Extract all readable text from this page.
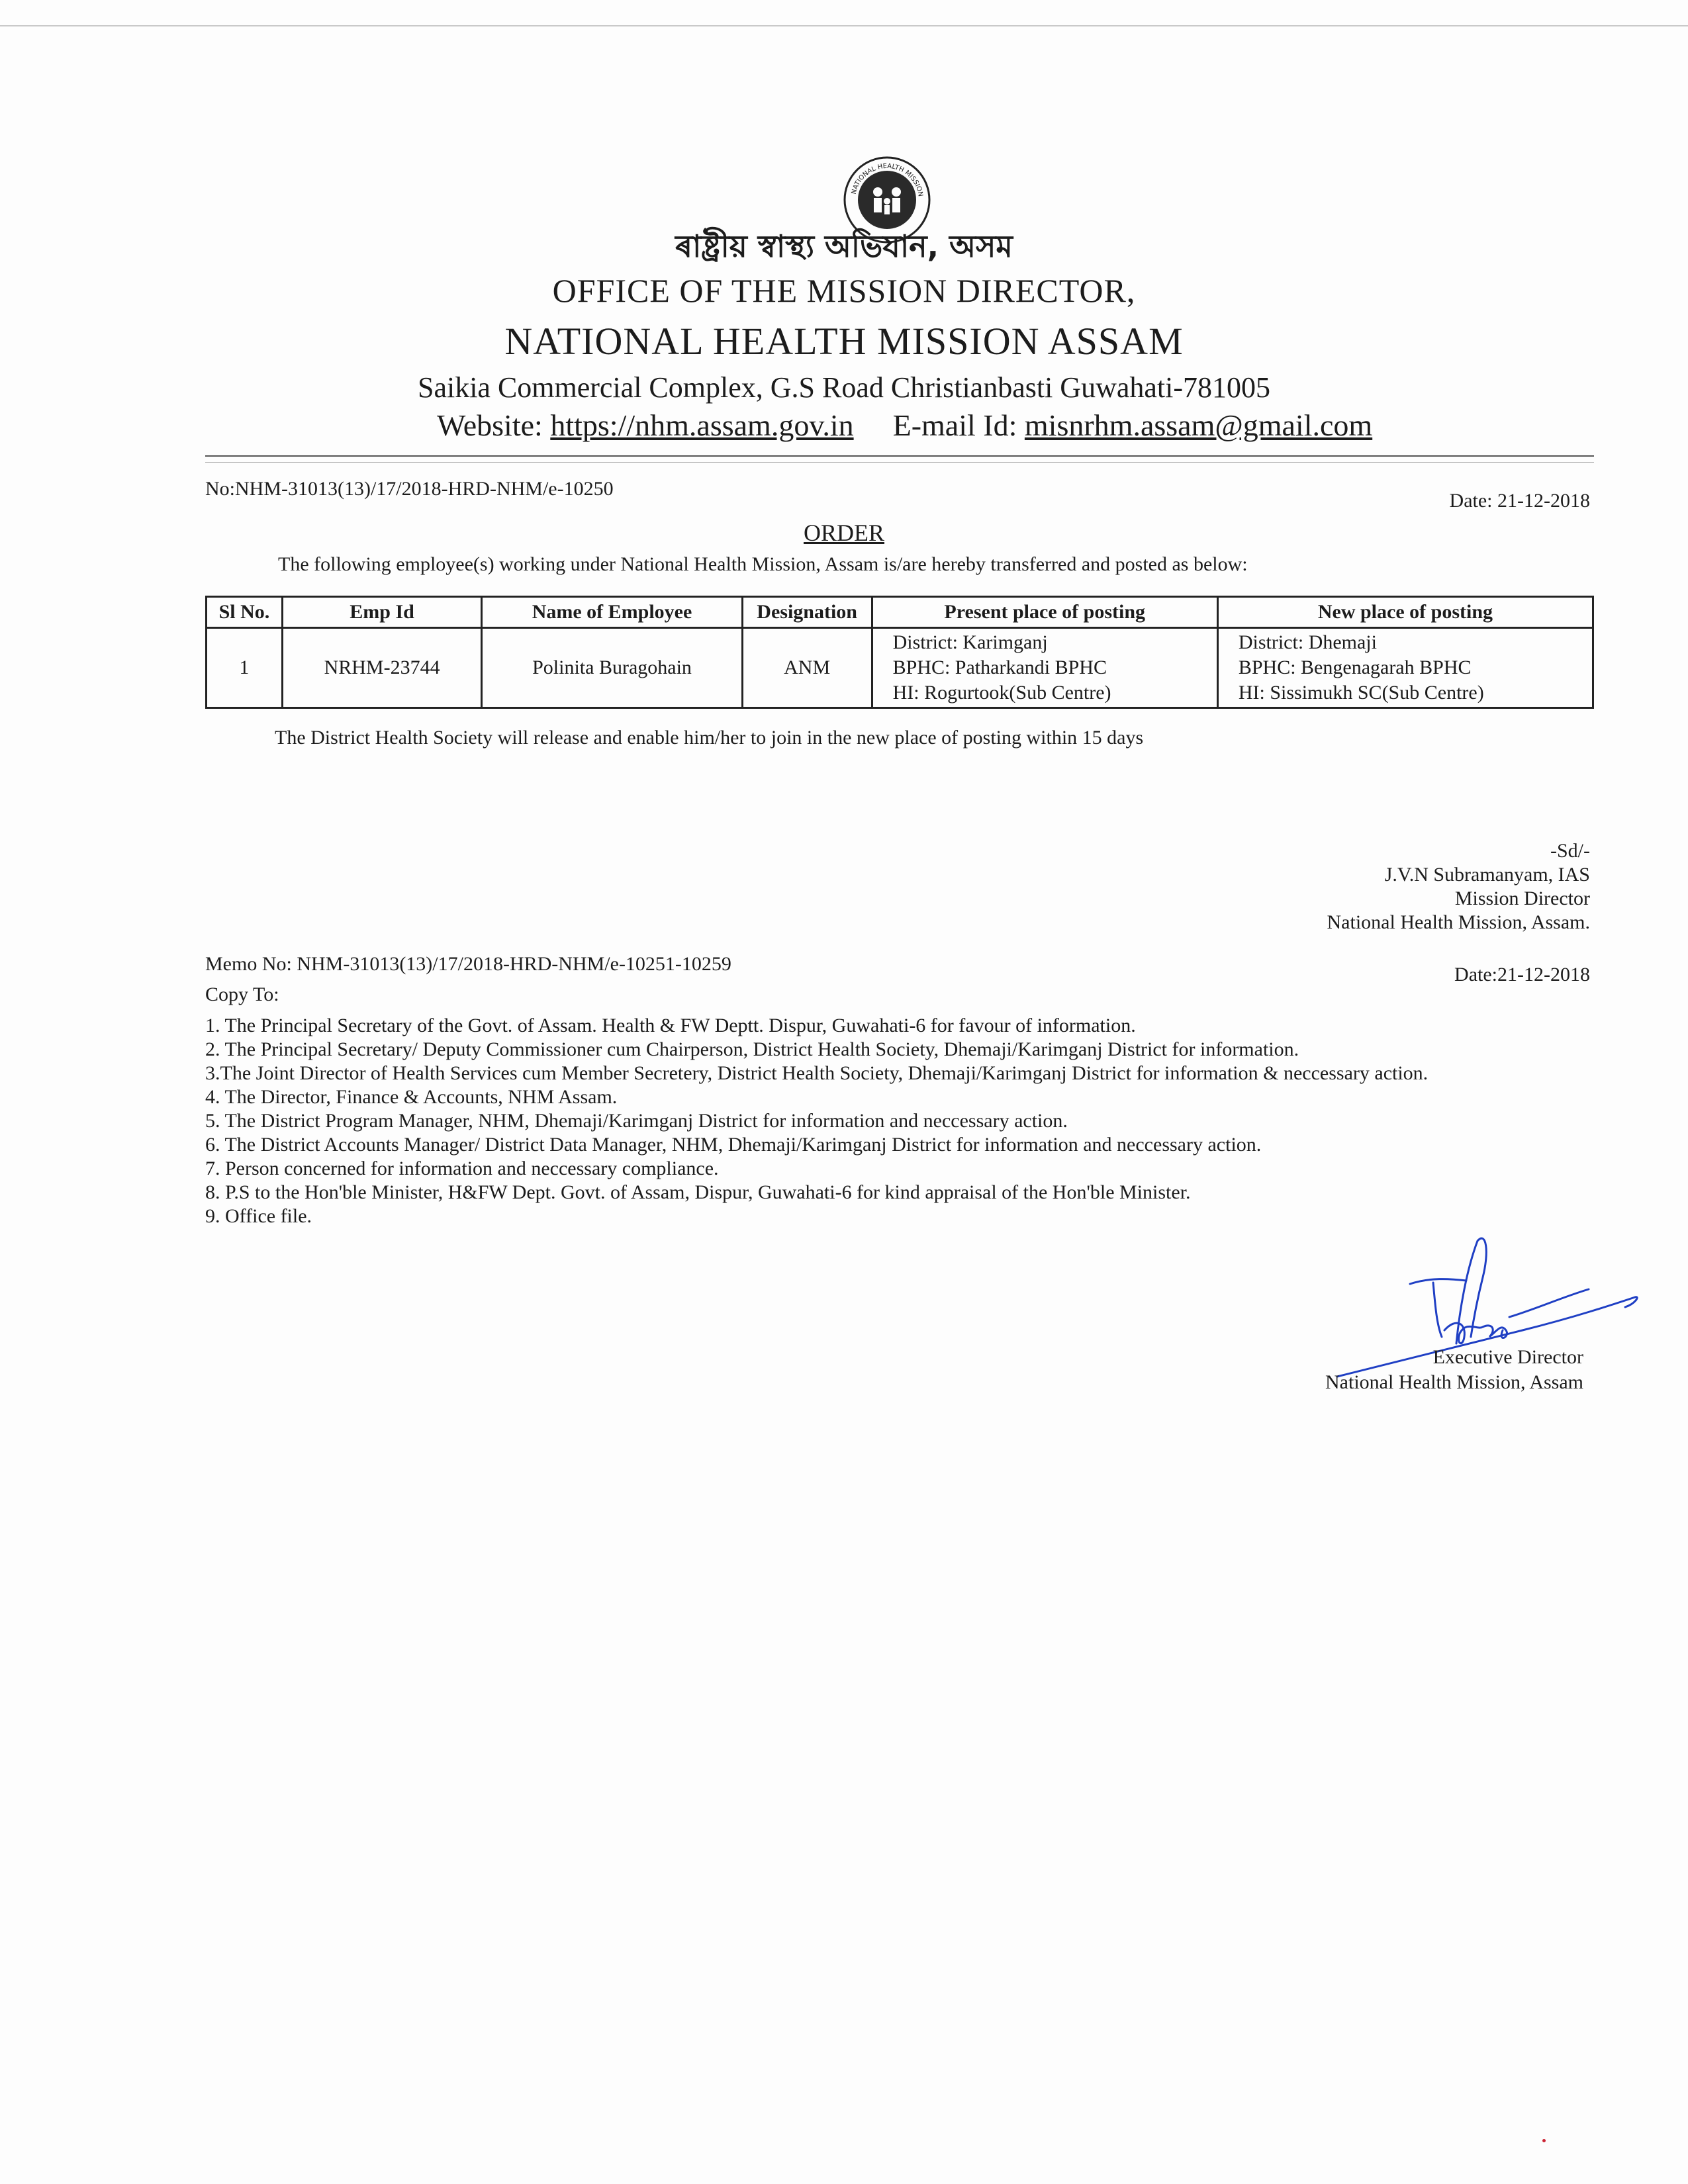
NATIONAL HEALTH MISSION
ৰাষ্ট্ৰীয় স্বাস্থ্য অভিযান, অসম
OFFICE OF THE MISSION DIRECTOR,
NATIONAL HEALTH MISSION ASSAM
Saikia Commercial Complex, G.S Road Christianbasti Guwahati-781005
Website: https://nhm.assam.gov.in E-mail Id: misnrhm.assam@gmail.com
No:NHM-31013(13)/17/2018-HRD-NHM/e-10250
Date: 21-12-2018
ORDER
The following employee(s) working under National Health Mission, Assam is/are hereby transferred and posted as below:
Sl No.	Emp Id	Name of Employee	Designation	Present place of posting	New place of posting
1	NRHM-23744	Polinita Buragohain	ANM	District: Karimganj
BPHC: Patharkandi BPHC
HI: Rogurtook(Sub Centre)	District: Dhemaji
BPHC: Bengenagarah BPHC
HI: Sissimukh SC(Sub Centre)
The District Health Society will release and enable him/her to join in the new place of posting within 15 days
-Sd/-
J.V.N Subramanyam, IAS
Mission Director
National Health Mission, Assam.
Memo No: NHM-31013(13)/17/2018-HRD-NHM/e-10251-10259	Date:21-12-2018
Copy To:
1. The Principal Secretary of the Govt. of Assam. Health & FW Deptt. Dispur, Guwahati-6 for favour of information.
2. The Principal Secretary/ Deputy Commissioner cum Chairperson, District Health Society, Dhemaji/Karimganj District for information.
3.The Joint Director of Health Services cum Member Secretery, District Health Society, Dhemaji/Karimganj District for information & neccessary action.
4. The Director, Finance & Accounts, NHM Assam.
5. The District Program Manager, NHM, Dhemaji/Karimganj District for information and neccessary action.
6. The District Accounts Manager/ District Data Manager, NHM, Dhemaji/Karimganj District for information and neccessary action.
7. Person concerned for information and neccessary compliance.
8. P.S to the Hon'ble Minister, H&FW Dept. Govt. of Assam, Dispur, Guwahati-6 for kind appraisal of the Hon'ble Minister.
9. Office file.
Executive Director
National Health Mission, Assam
